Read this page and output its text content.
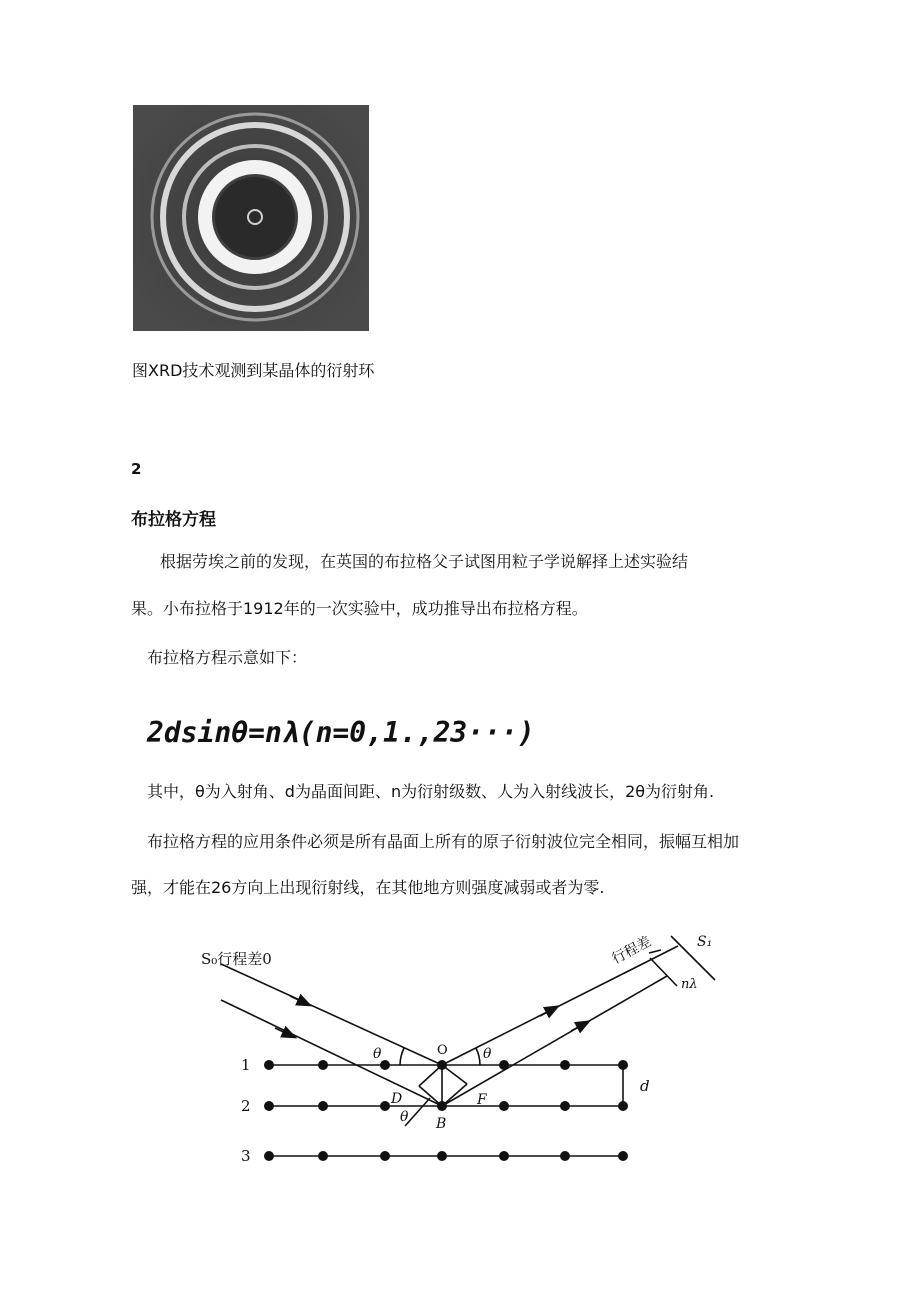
图XRD技术观测到某晶体的衍射环
2
布拉格方程
根据劳埃之前的发现，在英国的布拉格父子试图用粒子学说解择上述实验结
果。小布拉格于1912年的一次实验中，成功推导出布拉格方程。
布拉格方程示意如下：
2dsinθ=nλ(n=0,1.,23···)
其中，θ为入射角、d为晶面间距、n为衍射级数、人为入射线波长，2θ为衍射角.
布拉格方程的应用条件必须是所有晶面上所有的原子衍射波位完全相同，振幅互相加
强，才能在26方向上出现衍射线，在其他地方则强度减弱或者为零.
S₀行程差0	行程差	S₁
nλ
1
2
3
O
D	F
B
d
θ	θ
θ
